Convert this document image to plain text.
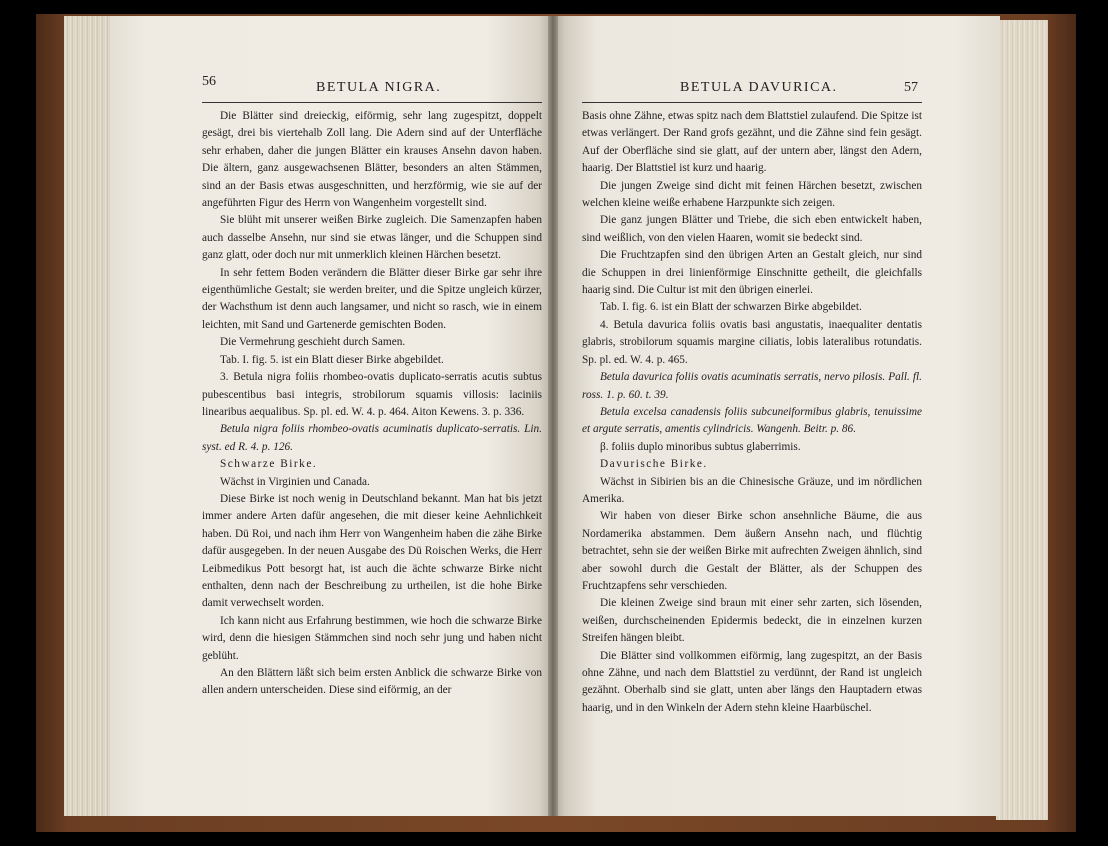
56	BETULA NIGRA.

Die Blätter sind dreieckig, eiförmig, sehr lang zugespitzt, doppelt gesägt, drei bis viertehalb Zoll lang. Die Adern sind auf der Unterfläche sehr erhaben, daher die jungen Blätter ein krauses Ansehn davon haben. Die ältern, ganz ausgewachsenen Blätter, besonders an alten Stämmen, sind an der Basis etwas ausgeschnitten, und herzförmig, wie sie auf der angeführten Figur des Herrn von Wangenheim vorgestellt sind.

Sie blüht mit unserer weißen Birke zugleich. Die Samenzapfen haben auch dasselbe Ansehn, nur sind sie etwas länger, und die Schuppen sind ganz glatt, oder doch nur mit unmerklich kleinen Härchen besetzt.

In sehr fettem Boden verändern die Blätter dieser Birke gar sehr ihre eigenthümliche Gestalt; sie werden breiter, und die Spitze ungleich kürzer, der Wachsthum ist denn auch langsamer, und nicht so rasch, wie in einem leichten, mit Sand und Gartenerde gemischten Boden.

Die Vermehrung geschieht durch Samen.

Tab. I. fig. 5. ist ein Blatt dieser Birke abgebildet.

3. Betula nigra foliis rhombeo-ovatis duplicato-serratis acutis subtus pubescentibus basi integris, strobilorum squamis villosis: laciniis linearibus aequalibus. Sp. pl. ed. W. 4. p. 464. Aiton Kewens. 3. p. 336.

Betula nigra foliis rhombeo-ovatis acuminatis duplicato-serratis. Lin. syst. ed R. 4. p. 126.

Schwarze Birke.

Wächst in Virginien und Canada.

Diese Birke ist noch wenig in Deutschland bekannt. Man hat bis jetzt immer andere Arten dafür angesehen, die mit dieser keine Aehnlichkeit haben. Dü Roi, und nach ihm Herr von Wangenheim haben die zähe Birke dafür ausgegeben. In der neuen Ausgabe des Dü Roischen Werks, die Herr Leibmedikus Pott besorgt hat, ist auch die ächte schwarze Birke nicht enthalten, denn nach der Beschreibung zu urtheilen, ist die hohe Birke damit verwechselt worden.

Ich kann nicht aus Erfahrung bestimmen, wie hoch die schwarze Birke wird, denn die hiesigen Stämmchen sind noch sehr jung und haben nicht geblüht.

An den Blättern läßt sich beim ersten Anblick die schwarze Birke von allen andern unterscheiden. Diese sind eiförmig, an der

BETULA DAVURICA.	57

Basis ohne Zähne, etwas spitz nach dem Blattstiel zulaufend. Die Spitze ist etwas verlängert. Der Rand grofs gezähnt, und die Zähne sind fein gesägt. Auf der Oberfläche sind sie glatt, auf der untern aber, längst den Adern, haarig. Der Blattstiel ist kurz und haarig.

Die jungen Zweige sind dicht mit feinen Härchen besetzt, zwischen welchen kleine weiße erhabene Harzpunkte sich zeigen.

Die ganz jungen Blätter und Triebe, die sich eben entwickelt haben, sind weißlich, von den vielen Haaren, womit sie bedeckt sind.

Die Fruchtzapfen sind den übrigen Arten an Gestalt gleich, nur sind die Schuppen in drei linienförmige Einschnitte getheilt, die gleichfalls haarig sind. Die Cultur ist mit den übrigen einerlei.

Tab. I. fig. 6. ist ein Blatt der schwarzen Birke abgebildet.

4. Betula davurica foliis ovatis basi angustatis, inaequaliter dentatis glabris, strobilorum squamis margine ciliatis, lobis lateralibus rotundatis. Sp. pl. ed. W. 4. p. 465.

Betula davurica foliis ovatis acuminatis serratis, nervo pilosis. Pall. fl. ross. 1. p. 60. t. 39.

Betula excelsa canadensis foliis subcuneiformibus glabris, tenuissime et argute serratis, amentis cylindricis. Wangenh. Beitr. p. 86.

β. foliis duplo minoribus subtus glaberrimis.

Davurische Birke.

Wächst in Sibirien bis an die Chinesische Gräuze, und im nördlichen Amerika.

Wir haben von dieser Birke schon ansehnliche Bäume, die aus Nordamerika abstammen. Dem äußern Ansehn nach, und flüchtig betrachtet, sehn sie der weißen Birke mit aufrechten Zweigen ähnlich, sind aber sowohl durch die Gestalt der Blätter, als der Schuppen des Fruchtzapfens sehr verschieden.

Die kleinen Zweige sind braun mit einer sehr zarten, sich lösenden, weißen, durchscheinenden Epidermis bedeckt, die in einzelnen kurzen Streifen hängen bleibt.

Die Blätter sind vollkommen eiförmig, lang zugespitzt, an der Basis ohne Zähne, und nach dem Blattstiel zu verdünnt, der Rand ist ungleich gezähnt. Oberhalb sind sie glatt, unten aber längs den Hauptadern etwas haarig, und in den Winkeln der Adern stehn kleine Haarbüschel.
